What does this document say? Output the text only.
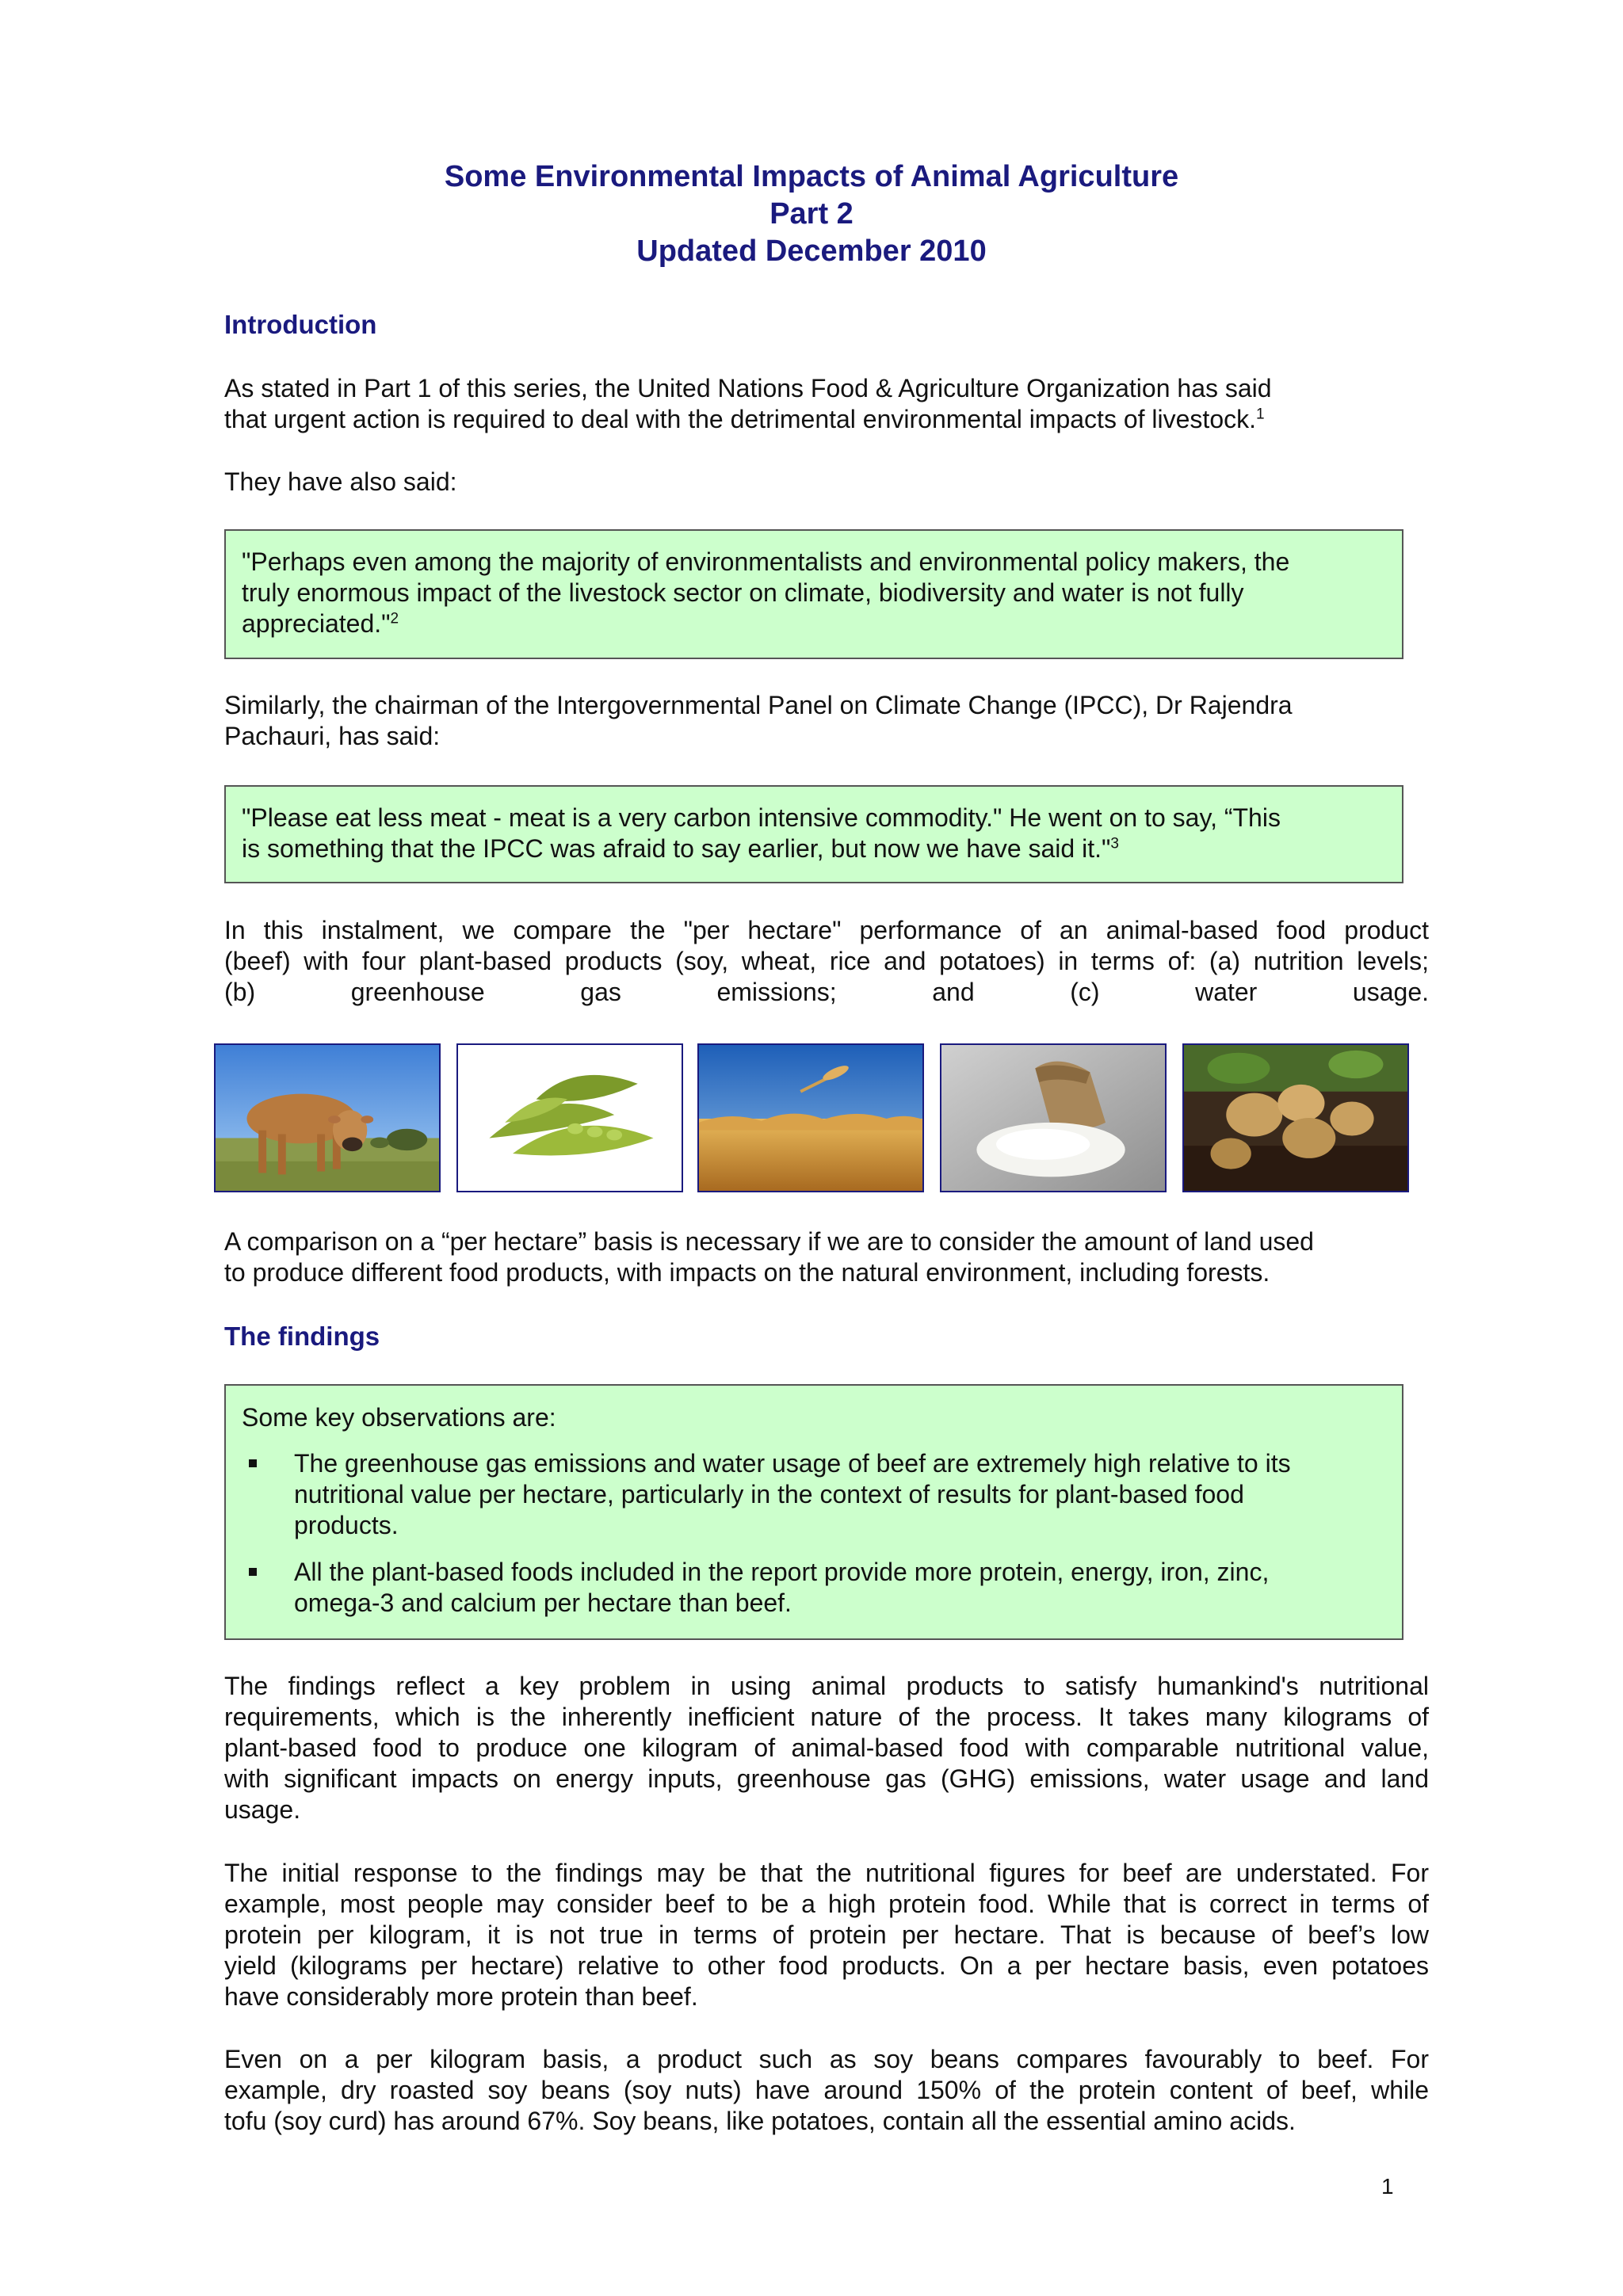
Some Environmental Impacts of Animal Agriculture
Part 2
Updated December 2010
Introduction
As stated in Part 1 of this series, the United Nations Food & Agriculture Organization has said
that urgent action is required to deal with the detrimental environmental impacts of livestock.$^1$
They have also said:
"Perhaps even among the majority of environmentalists and environmental policy makers, the
truly enormous impact of the livestock sector on climate, biodiversity and water is not fully
appreciated."$^2$
Similarly, the chairman of the Intergovernmental Panel on Climate Change (IPCC), Dr Rajendra
Pachauri, has said:
"Please eat less meat - meat is a very carbon intensive commodity." He went on to say, “This
is something that the IPCC was afraid to say earlier, but now we have said it."$^3$
In this instalment, we compare the "per hectare" performance of an animal-based food product
(beef) with four plant-based products (soy, wheat, rice and potatoes) in terms of: (a) nutrition levels;
(b) greenhouse gas emissions; and (c) water usage.
A comparison on a “per hectare” basis is necessary if we are to consider the amount of land used
to produce different food products, with impacts on the natural environment, including forests.
The findings
Some key observations are:
The greenhouse gas emissions and water usage of beef are extremely high relative to its
nutritional value per hectare, particularly in the context of results for plant-based food
products.
All the plant-based foods included in the report provide more protein, energy, iron, zinc,
omega-3 and calcium per hectare than beef.
The findings reflect a key problem in using animal products to satisfy humankind's nutritional
requirements, which is the inherently inefficient nature of the process. It takes many kilograms of
plant-based food to produce one kilogram of animal-based food with comparable nutritional value,
with significant impacts on energy inputs, greenhouse gas (GHG) emissions, water usage and land
usage.
The initial response to the findings may be that the nutritional figures for beef are understated. For
example, most people may consider beef to be a high protein food. While that is correct in terms of
protein per kilogram, it is not true in terms of protein per hectare. That is because of beef’s low
yield (kilograms per hectare) relative to other food products. On a per hectare basis, even potatoes
have considerably more protein than beef.
Even on a per kilogram basis, a product such as soy beans compares favourably to beef. For
example, dry roasted soy beans (soy nuts) have around 150% of the protein content of beef, while
tofu (soy curd) has around 67%. Soy beans, like potatoes, contain all the essential amino acids.
1
